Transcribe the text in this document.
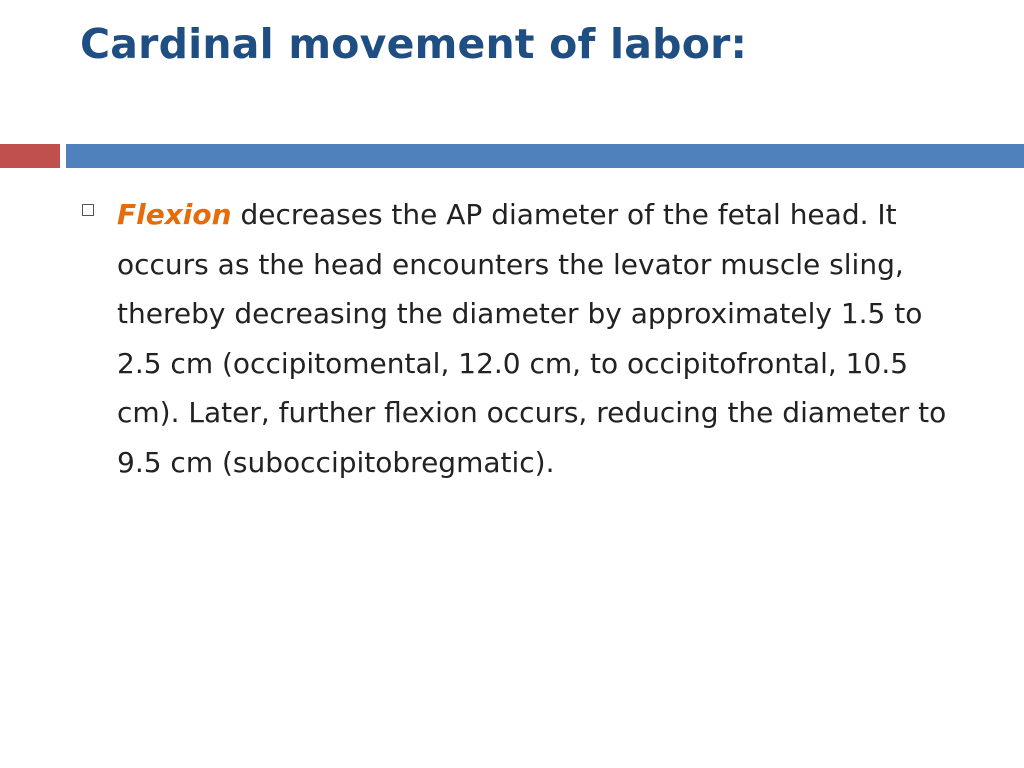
Cardinal movement of labor:

Flexion decreases the AP diameter of the fetal head. It occurs as the head encounters the levator muscle sling, thereby decreasing the diameter by approximately 1.5 to 2.5 cm (occipitomental, 12.0 cm, to occipitofrontal, 10.5 cm). Later, further flexion occurs, reducing the diameter to 9.5 cm (suboccipitobregmatic).
